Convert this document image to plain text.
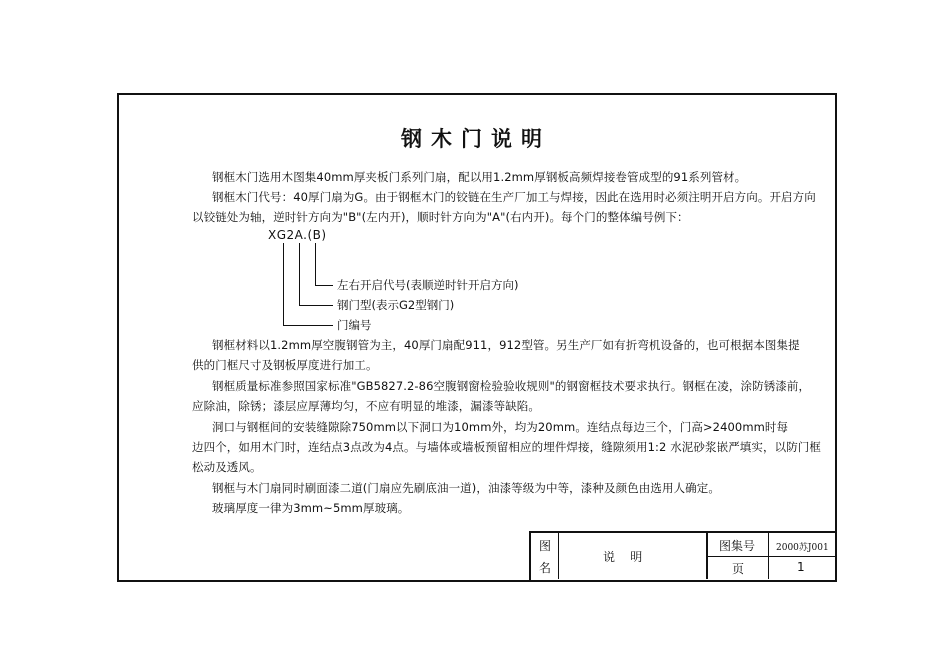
钢木门说明
钢框木门选用木图集40mm厚夹板门系列门扇，配以用1.2mm厚钢板高频焊接卷管成型的91系列管材。
钢框木门代号：40厚门扇为G。由于钢框木门的铰链在生产厂加工与焊接，因此在选用时必须注明开启方向。开启方向
以铰链处为轴，逆时针方向为"B"(左内开)，顺时针方向为"A"(右内开)。每个门的整体编号例下：
XG2A.(B)
左右开启代号(表顺逆时针开启方向)
钢门型(表示G2型钢门)
门编号
钢框材料以1.2mm厚空腹钢管为主，40厚门扇配911，912型管。另生产厂如有折弯机设备的，也可根据本图集提
供的门框尺寸及钢板厚度进行加工。
钢框质量标准参照国家标准"GB5827.2-86空腹钢窗检验验收规则"的钢窗框技术要求执行。钢框在凌，涂防锈漆前，
应除油，除锈；漆层应厚薄均匀，不应有明显的堆漆，漏漆等缺陷。
洞口与钢框间的安装缝隙除750mm以下洞口为10mm外，均为20mm。连结点每边三个，门高>2400mm时每
边四个，如用木门时，连结点3点改为4点。与墙体或墙板预留相应的埋件焊接，缝隙须用1:2 水泥砂浆嵌严填实，以防门框
松动及透风。
钢框与木门扇同时刷面漆二道(门扇应先刷底油一道)，油漆等级为中等，漆种及颜色由选用人确定。
玻璃厚度一律为3mm~5mm厚玻璃。
图
名
说    明
图集号 2000苏J001
页	1
